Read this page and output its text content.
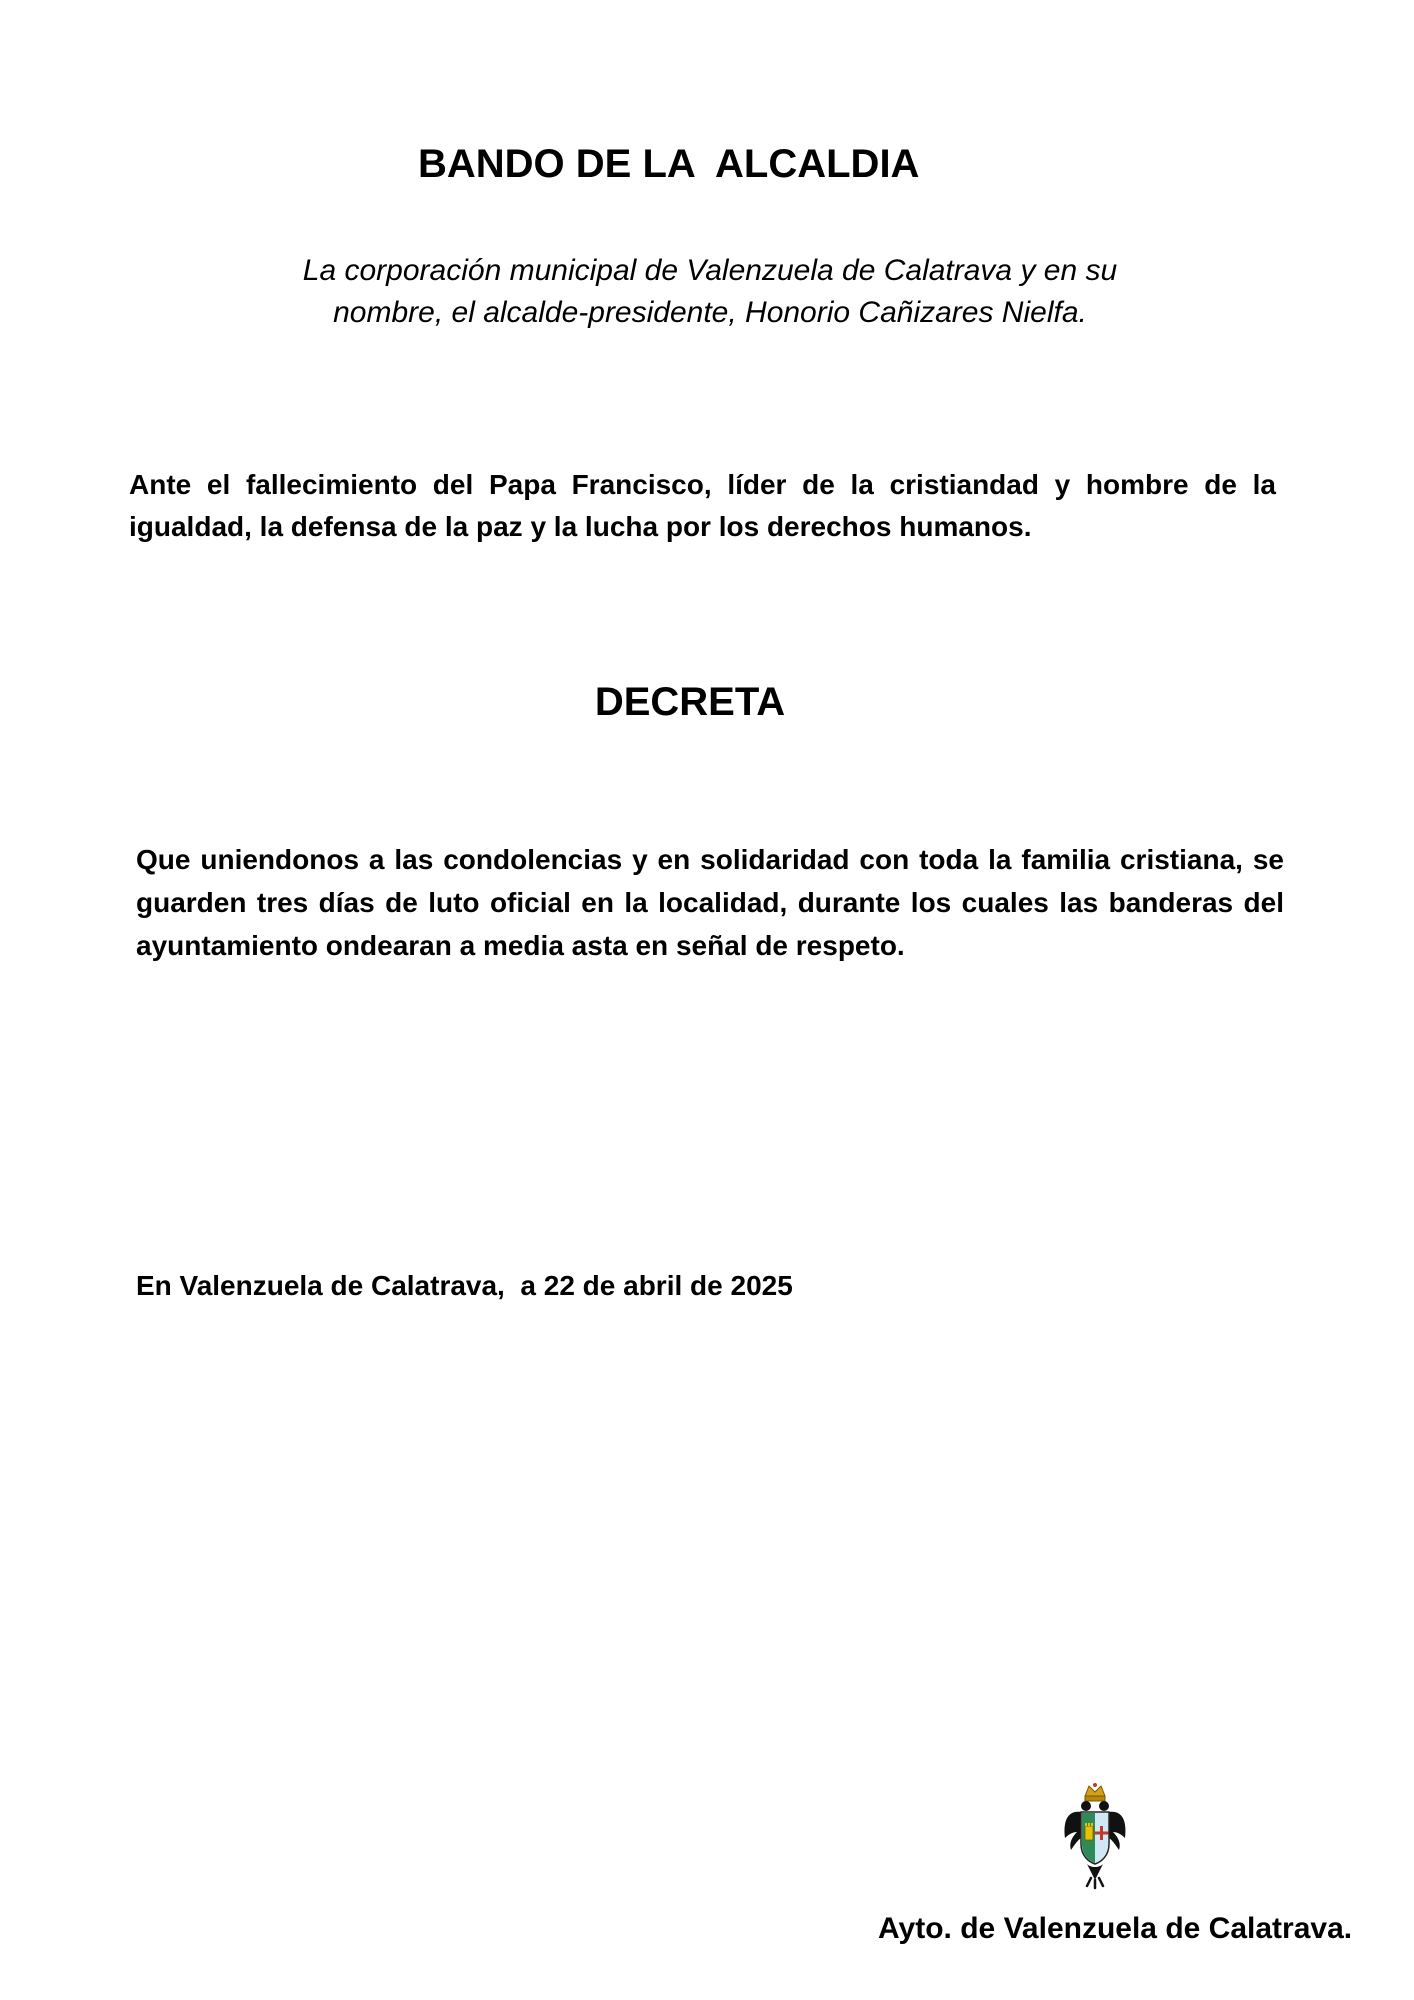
BANDO DE LA  ALCALDIA
La corporación municipal de Valenzuela de Calatrava y en su
nombre, el alcalde-presidente, Honorio Cañizares Nielfa.
Ante el fallecimiento del Papa Francisco, líder de la cristiandad y hombre de la igualdad, la defensa de la paz y la lucha por los derechos humanos.
DECRETA
Que uniendonos a las condolencias y en solidaridad con toda la familia cristiana, se guarden tres días de luto oficial en la localidad, durante los cuales las banderas del ayuntamiento ondearan a media asta en señal de respeto.
En Valenzuela de Calatrava,  a 22 de abril de 2025
Ayto. de Valenzuela de Calatrava.
